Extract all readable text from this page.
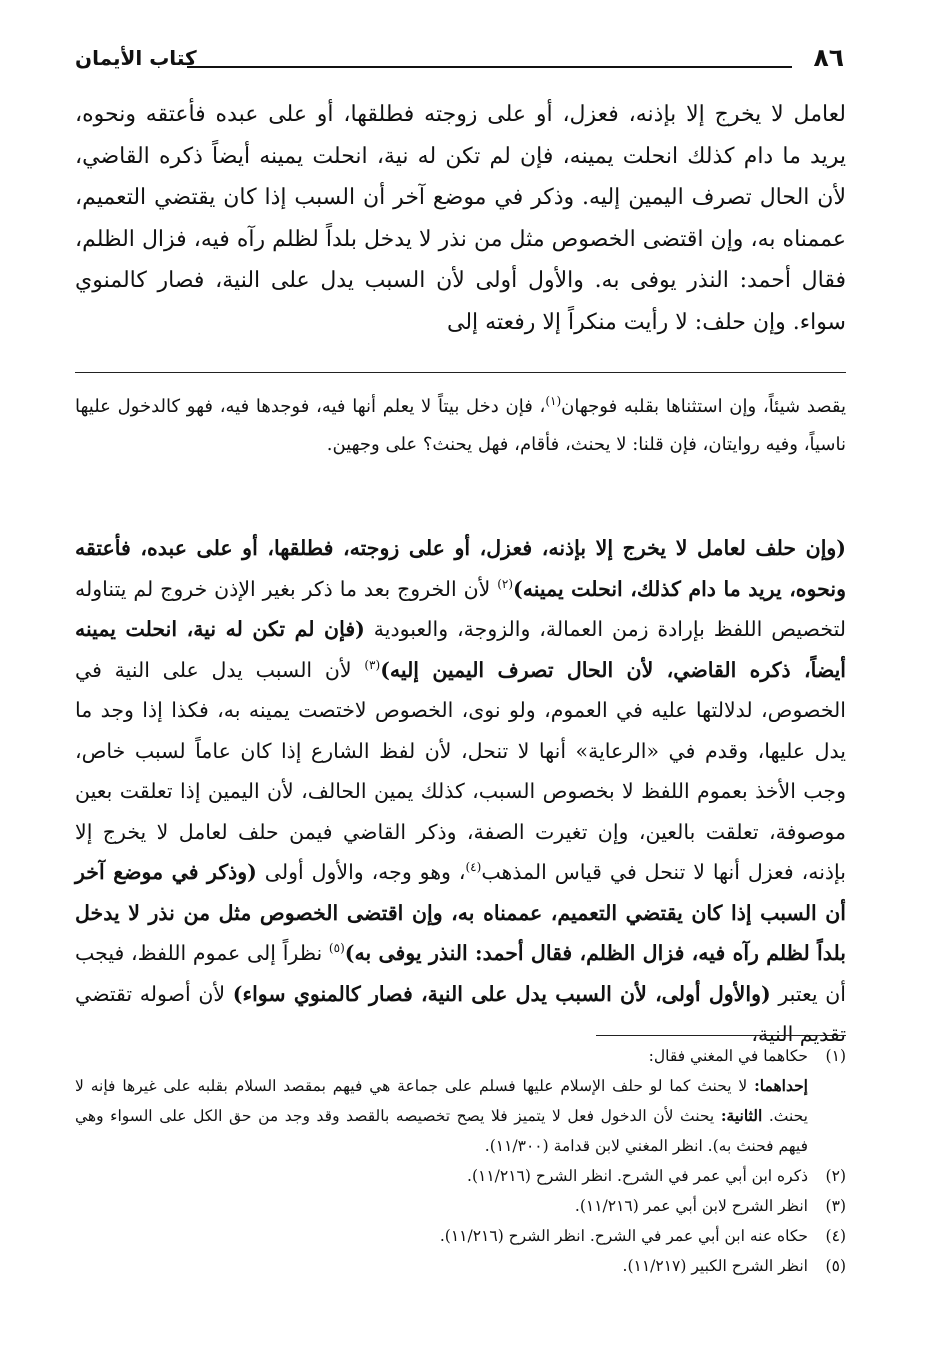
٨٦
كتاب الأيمان
لعامل لا يخرج إلا بإذنه، فعزل، أو على زوجته فطلقها، أو على عبده فأعتقه ونحوه، يريد ما دام كذلك انحلت يمينه، فإن لم تكن له نية، انحلت يمينه أيضاً ذكره القاضي، لأن الحال تصرف اليمين إليه. وذكر في موضع آخر أن السبب إذا كان يقتضي التعميم، عممناه به، وإن اقتضى الخصوص مثل من نذر لا يدخل بلداً لظلم رآه فيه، فزال الظلم، فقال أحمد: النذر يوفى به. والأول أولى لأن السبب يدل على النية، فصار كالمنوي سواء. وإن حلف: لا رأيت منكراً إلا رفعته إلى
يقصد شيئاً، وإن استثناها بقلبه فوجهان$^{(١)}$، فإن دخل بيتاً لا يعلم أنها فيه، فوجدها فيه، فهو كالدخول عليها ناسياً، وفيه روايتان، فإن قلنا: لا يحنث، فأقام، فهل يحنث؟ على وجهين.
(وإن حلف لعامل لا يخرج إلا بإذنه، فعزل، أو على زوجته، فطلقها، أو على عبده، فأعتقه ونحوه، يريد ما دام كذلك، انحلت يمينه)$^{(٢)}$ لأن الخروج بعد ما ذكر بغير الإذن خروج لم يتناوله لتخصيص اللفظ بإرادة زمن العمالة، والزوجة، والعبودية (فإن لم تكن له نية، انحلت يمينه أيضاً، ذكره القاضي، لأن الحال تصرف اليمين إليه)$^{(٣)}$ لأن السبب يدل على النية في الخصوص، لدلالتها عليه في العموم، ولو نوى، الخصوص لاختصت يمينه به، فكذا إذا وجد ما يدل عليها، وقدم في «الرعاية» أنها لا تنحل، لأن لفظ الشارع إذا كان عاماً لسبب خاص، وجب الأخذ بعموم اللفظ لا بخصوص السبب، كذلك يمين الحالف، لأن اليمين إذا تعلقت بعين موصوفة، تعلقت بالعين، وإن تغيرت الصفة، وذكر القاضي فيمن حلف لعامل لا يخرج إلا بإذنه، فعزل أنها لا تنحل في قياس المذهب$^{(٤)}$، وهو وجه، والأول أولى (وذكر في موضع آخر أن السبب إذا كان يقتضي التعميم، عممناه به، وإن اقتضى الخصوص مثل من نذر لا يدخل بلداً لظلم رآه فيه، فزال الظلم، فقال أحمد: النذر يوفى به)$^{(٥)}$ نظراً إلى عموم اللفظ، فيجب أن يعتبر (والأول أولى، لأن السبب يدل على النية، فصار كالمنوي سواء) لأن أصوله تقتضي تقديم النية،
(١)
حكاهما في المغني فقال:
إحداهما: لا يحنث كما لو حلف الإسلام عليها فسلم على جماعة هي فيهم بمقصد السلام بقلبه على غيرها فإنه لا يحنث. الثانية: يحنث لأن الدخول فعل لا يتميز فلا يصح تخصيصه بالقصد وقد وجد من حق الكل على السواء وهي فيهم فحنث به). انظر المغني لابن قدامة (١١/٣٠٠).
(٢)
ذكره ابن أبي عمر في الشرح. انظر الشرح (١١/٢١٦).
(٣)
انظر الشرح لابن أبي عمر (١١/٢١٦).
(٤)
حكاه عنه ابن أبي عمر في الشرح. انظر الشرح (١١/٢١٦).
(٥)
انظر الشرح الكبير (١١/٢١٧).
